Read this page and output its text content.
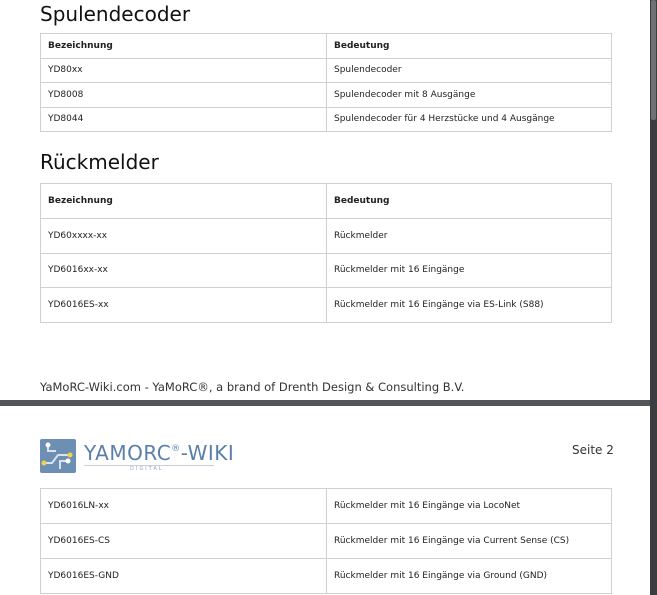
Spulendecoder
Bezeichnung	Bedeutung
YD80xx	Spulendecoder
YD8008	Spulendecoder mit 8 Ausgänge
YD8044	Spulendecoder für 4 Herzstücke und 4 Ausgänge
Rückmelder
Bezeichnung	Bedeutung
YD60xxxx-xx	Rückmelder
YD6016xx-xx	Rückmelder mit 16 Eingänge
YD6016ES-xx	Rückmelder mit 16 Eingänge via ES-Link (S88)
YaMoRC-Wiki.com - YaMoRC®, a brand of Drenth Design & Consulting B.V.
YAMORC®-WIKI
DIGITAL
Seite 2
YD6016LN-xx	Rückmelder mit 16 Eingänge via LocoNet
YD6016ES-CS	Rückmelder mit 16 Eingänge via Current Sense (CS)
YD6016ES-GND	Rückmelder mit 16 Eingänge via Ground (GND)
